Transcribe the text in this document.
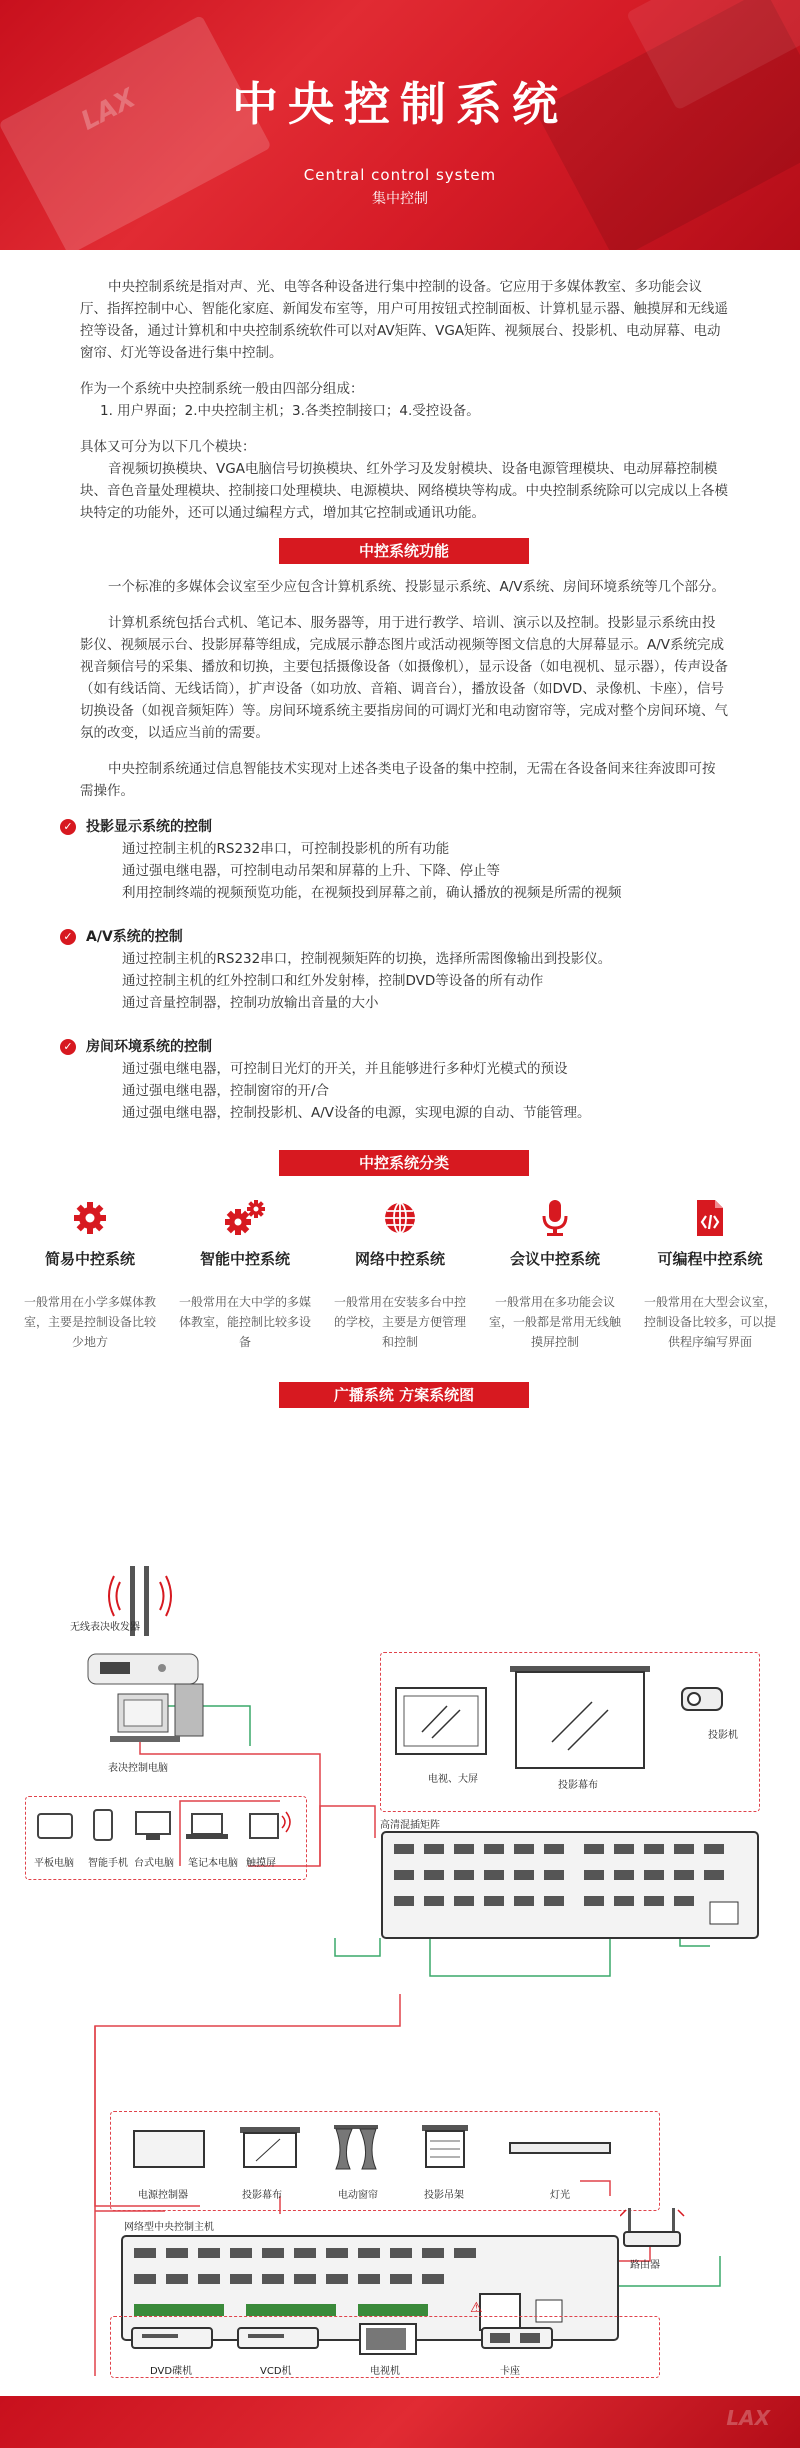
LAX	中央控制系统
Central control system
集中控制

中央控制系统是指对声、光、电等各种设备进行集中控制的设备。它应用于多媒体教室、多功能会议厅、指挥控制中心、智能化家庭、新闻发布室等，用户可用按钮式控制面板、计算机显示器、触摸屏和无线遥控等设备，通过计算机和中央控制系统软件可以对AV矩阵、VGA矩阵、视频展台、投影机、电动屏幕、电动窗帘、灯光等设备进行集中控制。

作为一个系统中央控制系统一般由四部分组成：

1. 用户界面；2.中央控制主机；3.各类控制接口；4.受控设备。

具体又可分为以下几个模块：

音视频切换模块、VGA电脑信号切换模块、红外学习及发射模块、设备电源管理模块、电动屏幕控制模块、音色音量处理模块、控制接口处理模块、电源模块、网络模块等构成。中央控制系统除可以完成以上各模块特定的功能外，还可以通过编程方式，增加其它控制或通讯功能。

中控系统功能

一个标准的多媒体会议室至少应包含计算机系统、投影显示系统、A/V系统、房间环境系统等几个部分。

计算机系统包括台式机、笔记本、服务器等，用于进行教学、培训、演示以及控制。投影显示系统由投影仪、视频展示台、投影屏幕等组成，完成展示静态图片或活动视频等图文信息的大屏幕显示。A/V系统完成视音频信号的采集、播放和切换，主要包括摄像设备（如摄像机），显示设备（如电视机、显示器），传声设备（如有线话筒、无线话筒），扩声设备（如功放、音箱、调音台），播放设备（如DVD、录像机、卡座），信号切换设备（如视音频矩阵）等。房间环境系统主要指房间的可调灯光和电动窗帘等，完成对整个房间环境、气氛的改变，以适应当前的需要。

中央控制系统通过信息智能技术实现对上述各类电子设备的集中控制，无需在各设备间来往奔波即可按需操作。

✓ 投影显示系统的控制
通过控制主机的RS232串口，可控制投影机的所有功能
通过强电继电器，可控制电动吊架和屏幕的上升、下降、停止等
利用控制终端的视频预览功能，在视频投到屏幕之前，确认播放的视频是所需的视频
✓ A/V系统的控制
通过控制主机的RS232串口，控制视频矩阵的切换，选择所需图像输出到投影仪。
通过控制主机的红外控制口和红外发射棒，控制DVD等设备的所有动作
通过音量控制器，控制功放输出音量的大小
✓ 房间环境系统的控制
通过强电继电器，可控制日光灯的开关，并且能够进行多种灯光模式的预设
通过强电继电器，控制窗帘的开/合
通过强电继电器，控制投影机、A/V设备的电源，实现电源的自动、节能管理。
中控系统分类
简易中控系统
一般常用在小学多媒体教室，主要是控制设备比较少地方
智能中控系统
一般常用在大中学的多媒体教室，能控制比较多设备
网络中控系统
一般常用在安装多台中控的学校，主要是方便管理和控制
会议中控系统
一般常用在多功能会议室，一般都是常用无线触摸屏控制
可编程中控系统
一般常用在大型会议室，控制设备比较多，可以提供程序编写界面
广播系统 方案系统图
无线表决收发器
表决控制电脑
平板电脑 智能手机 台式电脑 笔记本电脑 触摸屏
电视、大屏
投影幕布
投影机
高清混插矩阵
电源控制器	投影幕布	电动窗帘	投影吊架	灯光
网络型中央控制主机
⚠
路由器
DVD碟机	VCD机	电视机	卡座
LAX
